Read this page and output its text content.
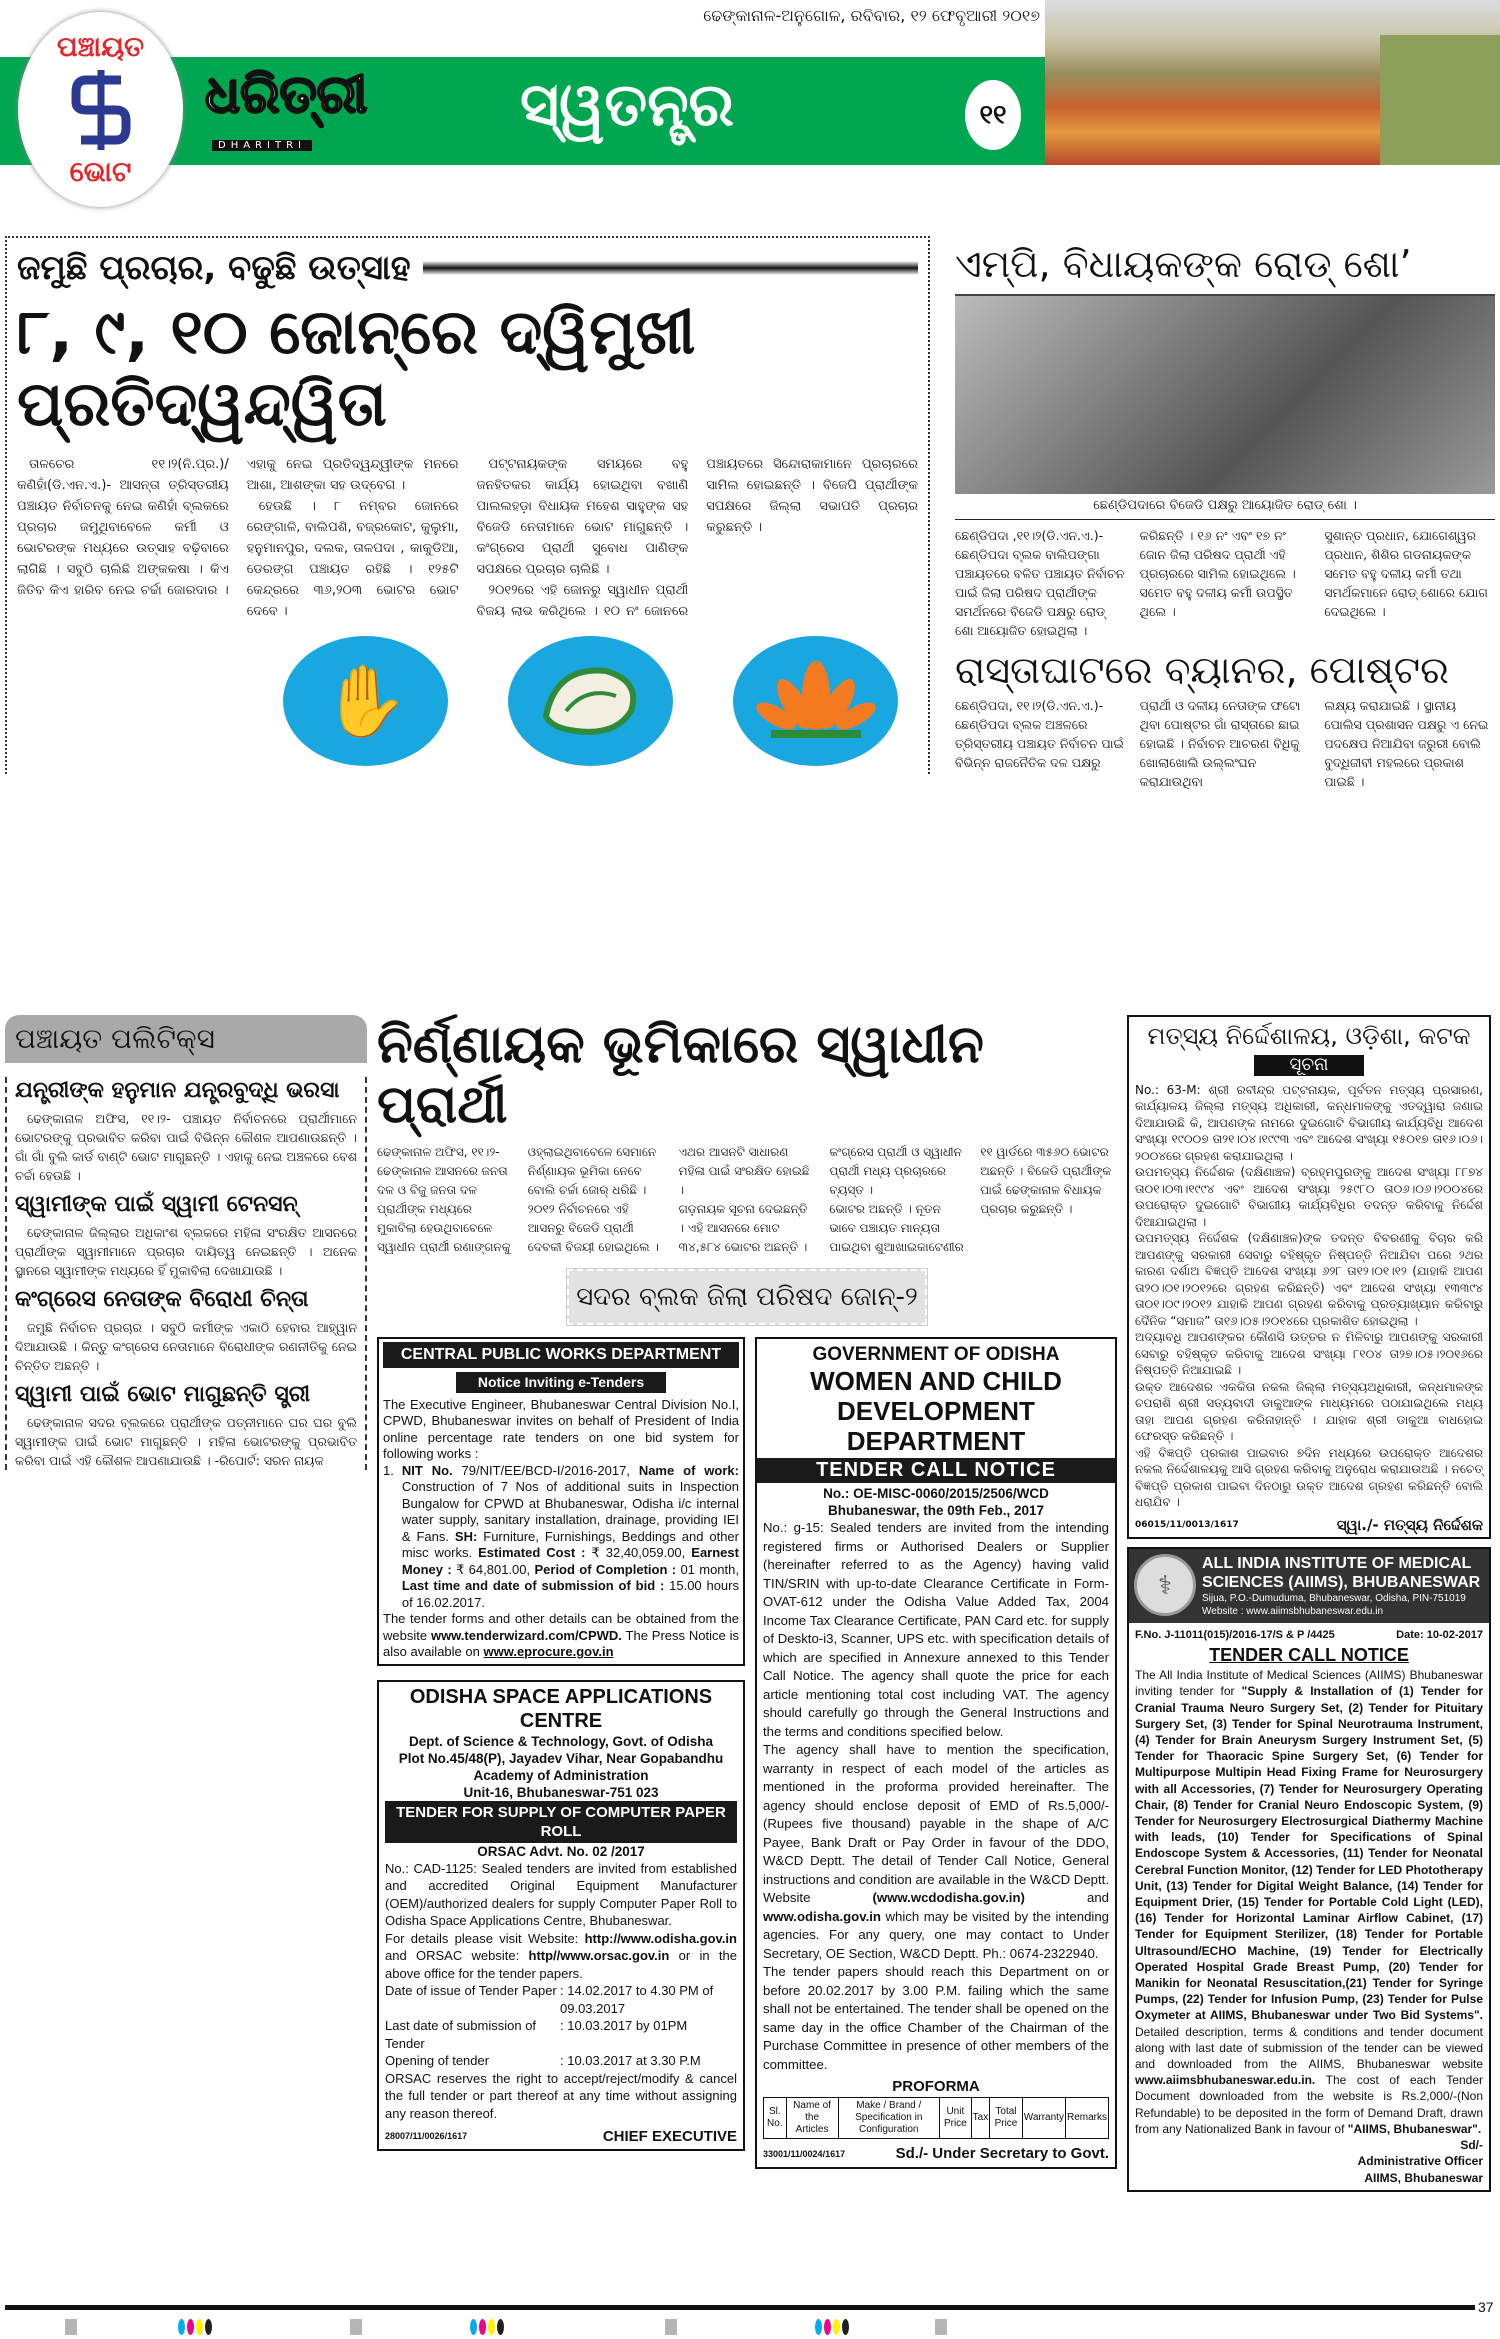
ପଞ୍ଚାୟତ
ଭୋଟ
ଢେଙ୍କାନାଳ-ଅନୁଗୋଳ, ରବିବାର, ୧୨ ଫେବୃଆରୀ ୨୦୧୭
ଧରିତ୍ରୀ
DHARITRI
ସ୍ୱତନ୍ତ୍ର	୧୧
ଜମୁଛି ପ୍ରଚାର, ବଢୁଛି ଉତ୍ସାହ
୮, ୯, ୧୦ ଜୋନ୍‌ରେ ଦ୍ୱିମୁଖୀ ପ୍ରତିଦ୍ୱନ୍ଦ୍ୱିତା

ତାଳଚେର ୧୧।୨(ନି.ପ୍ର.)/ କଣିହାଁ(ଡି.ଏନ.ଏ.)- ଆସନ୍ତା ତ୍ରିସ୍ତରୀୟ ପଞ୍ଚାୟତ ନିର୍ବାଚନକୁ ନେଇ କଣିହାଁ ବ୍ଲକରେ ପ୍ରଚାର ଜମୁଥିବାବେଳେ କର୍ମୀ ଓ ଭୋଟରଙ୍କ ମଧ୍ୟରେ ଉତ୍ସାହ ବଢ଼ିବାରେ ଲାଗିଛି । ସବୁଠି ଚାଲିଛି ଅଙ୍କକଷା । କିଏ ଜିତିବ କିଏ ହାରିବ ନେଇ ଚର୍ଚ୍ଚା ଜୋରଦାର । ଏହାକୁ ନେଇ ପ୍ରତିଦ୍ୱନ୍ଦ୍ୱୀଙ୍କ ମନରେ ଆଶା, ଆଶଙ୍କା ସହ ଉଦ୍‌ବେଗ ।

ହେଉଛି । ୮ ନମ୍ବର ଜୋନରେ ରେଙ୍ଗାଳି, ବାଲିପଶି, ବଜ୍ରକୋଟ, କୁଲୁମା, ହନୁମାନପୁର, ଦଲକ, ତାଳପଦା , କାକୁଡିଆ, ଡେରଙ୍ଗ ପଞ୍ଚାୟତ ରହିଛି । ୧୨୫ଟି କେନ୍ଦ୍ରରେ ୩୬,୨୦୩ ଭୋଟର ଭୋଟ ଦେବେ ।

ପଟ୍ଟନାୟକଙ୍କ ସମୟରେ ବହୁ ଜନହିତକର କାର୍ଯ୍ୟ ହୋଇଥିବା ବଖାଣି ପାଲଲହଡ଼ା ବିଧାୟକ ମହେଶ ସାହୁଙ୍କ ସହ ବିଜେଡି ନେତାମାନେ ଭୋଟ ମାଗୁଛନ୍ତି । କଂଗ୍ରେସ ପ୍ରାର୍ଥୀ ସୁବୋଧ ପାଣିଙ୍କ ସପକ୍ଷରେ ପ୍ରଚାର ଚାଲିଛି ।

୨୦୧୨ରେ ଏହି ଜୋନରୁ ସ୍ୱାଧୀନ ପ୍ରାର୍ଥୀ ବିଜୟ ଲାଭ କରିଥିଲେ । ୧୦ ନଂ ଜୋନରେ ପଞ୍ଚାୟତରେ ସିନ୍ଦୋରାକାମାନେ ପ୍ରଚାରରେ ସାମିଲ ହୋଇଛନ୍ତି । ବିଜେପି ପ୍ରାର୍ଥୀଙ୍କ ସପକ୍ଷରେ ଜିଲ୍ଲା ସଭାପତି ପ୍ରଚାର କରୁଛନ୍ତି ।

✋
ଏମ୍‌ପି, ବିଧାୟକଙ୍କ ରୋଡ୍ ଶୋ’
ଛେଣ୍ଡିପଦାରେ ବିଜେଡି ପକ୍ଷରୁ ଆୟୋଜିତ ରୋଡ୍ ଶୋ ।

ଛେଣ୍ଡିପଦା ,୧୧।୨(ଡି.ଏନ.ଏ.)- ଛେଣ୍ଡିପଦା ବ୍ଲକ ବାଲିପଙ୍ଗା ପଞ୍ଚାୟତରେ ବଳିତ ପଞ୍ଚାୟତ ନିର୍ବାଚନ ପାଇଁ ଜିଲା ପରିଷଦ ପ୍ରାର୍ଥୀଙ୍କ ସମର୍ଥନରେ ବିଜେଡି ପକ୍ଷରୁ ରୋଡ୍ ଶୋ ଆୟୋଜିତ ହୋଇଥିଲା ।

କରିଛନ୍ତି । ୧୬ ନଂ ଏବଂ ୧୭ ନଂ ଜୋନ ଜିଲା ପରିଷଦ ପ୍ରାର୍ଥୀ ଏହି ପ୍ରଚାରରେ ସାମିଲ ହୋଇଥିଲେ । ସମେତ ବହୁ ଦଳୀୟ କର୍ମୀ ଉପସ୍ଥିତ ଥିଲେ ।

ସୁଶାନ୍ତ ପ୍ରଧାନ, ଯୋଗେଶ୍ୱର ପ୍ରଧାନ, ଶିଶିର ଗଡନାୟକଙ୍କ ସମେତ ବହୁ ଦଳୀୟ କର୍ମୀ ତଥା ସମର୍ଥକମାନେ ରୋଡ୍ ଶୋରେ ଯୋଗ ଦେଇଥିଲେ ।

ରାସ୍ତାଘାଟରେ ବ୍ୟାନର, ପୋଷ୍ଟର

ଛେଣ୍ଡିପଦା, ୧୧।୨(ଡି.ଏନ.ଏ.)- ଛେଣ୍ଡିପଦା ବ୍ଲକ ଅଞ୍ଚଳରେ ତ୍ରିସ୍ତରୀୟ ପଞ୍ଚାୟତ ନିର୍ବାଚନ ପାଇଁ ବିଭିନ୍ନ ରାଜନୈତିକ ଦଳ ପକ୍ଷରୁ

ପ୍ରାର୍ଥୀ ଓ ଦଳୀୟ ନେତାଙ୍କ ଫଟୋ ଥିବା ପୋଷ୍ଟର ଗାଁ ରାସ୍ତାରେ ଛାଇ ହୋଇଛି । ନିର୍ବାଚନ ଆଚରଣ ବିଧିକୁ ଖୋଲାଖୋଲି ଉଲ୍ଲଂଘନ କରାଯାଉଥିବା

ଲକ୍ଷ୍ୟ କରାଯାଇଛି । ସ୍ଥାନୀୟ ପୋଲିସ ପ୍ରଶାସନ ପକ୍ଷରୁ ଏ ନେଇ ପଦକ୍ଷେପ ନିଆଯିବା ଜରୁରୀ ବୋଲି ବୁଦ୍ଧିଜୀବୀ ମହଲରେ ପ୍ରକାଶ ପାଇଛି ।

ପଞ୍ଚାୟତ ପଲିଟିକ୍ସ
ଯନ୍ତ୍ରୀଙ୍କ ହନୁମାନ ଯନ୍ତ୍ରବୁଦ୍ଧି ଭରସା

ଢେଙ୍କାନାଳ ଅଫିସ, ୧୧।୨- ପଞ୍ଚାୟତ ନିର୍ବାଚନରେ ପ୍ରାର୍ଥୀମାନେ ଭୋଟରଙ୍କୁ ପ୍ରଭାବିତ କରିବା ପାଇଁ ବିଭିନ୍ନ କୌଶଳ ଆପଣାଉଛନ୍ତି । ଗାଁ ଗାଁ ବୁଲି କାର୍ଡ ବାଣ୍ଟି ଭୋଟ ମାଗୁଛନ୍ତି । ଏହାକୁ ନେଇ ଅଞ୍ଚଳରେ ବେଶ ଚର୍ଚ୍ଚା ହେଉଛି ।

ସ୍ୱାମୀଙ୍କ ପାଇଁ ସ୍ୱାମୀ ଟେନସନ୍

ଢେଙ୍କାନାଳ ଜିଲ୍ଲାର ଅଧିକାଂଶ ବ୍ଲକରେ ମହିଳା ସଂରକ୍ଷିତ ଆସନରେ ପ୍ରାର୍ଥୀଙ୍କ ସ୍ୱାମୀମାନେ ପ୍ରଚାର ଦାୟିତ୍ୱ ନେଇଛନ୍ତି । ଅନେକ ସ୍ଥାନରେ ସ୍ୱାମୀଙ୍କ ମଧ୍ୟରେ ହିଁ ମୁକାବିଲା ଦେଖାଯାଉଛି ।

କଂଗ୍ରେସ ନେତାଙ୍କ ବିରୋଧୀ ଚିନ୍ତା

ଜମୁଛି ନିର୍ବାଚନ ପ୍ରଚାର । ସବୁଠି କର୍ମୀଙ୍କ ଏକାଠି ହେବାର ଆହ୍ୱାନ ଦିଆଯାଉଛି । କିନ୍ତୁ କଂଗ୍ରେସ ନେତାମାନେ ବିରୋଧୀଙ୍କ ରଣନୀତିକୁ ନେଇ ଚିନ୍ତିତ ଅଛନ୍ତି ।

ସ୍ୱାମୀ ପାଇଁ ଭୋଟ ମାଗୁଛନ୍ତି ସ୍ତ୍ରୀ

ଢେଙ୍କାନାଳ ସଦର ବ୍ଲକରେ ପ୍ରାର୍ଥୀଙ୍କ ପତ୍ନୀମାନେ ଘର ଘର ବୁଲି ସ୍ୱାମୀଙ୍କ ପାଇଁ ଭୋଟ ମାଗୁଛନ୍ତି । ମହିଳା ଭୋଟରଙ୍କୁ ପ୍ରଭାବିତ କରିବା ପାଇଁ ଏହି କୌଶଳ ଆପଣାଯାଉଛି । -ରିପୋର୍ଟ: ସରନ ନାୟକ

ନିର୍ଣ୍ଣାୟକ ଭୂମିକାରେ ସ୍ୱାଧୀନ ପ୍ରାର୍ଥୀ

ଢେଙ୍କାନାଳ ଅଫିସ, ୧୧।୨- ଢେଙ୍କାନାଳ ଆସନରେ ଜନତା ଦଳ ଓ ବିଜୁ ଜନତା ଦଳ ପ୍ରାର୍ଥୀଙ୍କ ମଧ୍ୟରେ ମୁକାବିଲା ହେଉଥିବାବେଳେ ସ୍ୱାଧୀନ ପ୍ରାର୍ଥୀ ରଣାଙ୍ଗନକୁ ଓହ୍ଲାଇଥିବାବେଳେ ସେମାନେ ନିର୍ଣ୍ଣାୟକ ଭୂମିକା ନେବେ ବୋଲି ଚର୍ଚ୍ଚା ଜୋର୍ ଧରିଛି ।

୨୦୧୨ ନିର୍ବାଚନରେ ଏହି ଆସନରୁ ବିଜେଡି ପ୍ରାର୍ଥୀ ଦେବକୀ ବିଜୟୀ ହୋଇଥିଲେ । ଏଥର ଆସନଟି ସାଧାରଣ ମହିଳା ପାଇଁ ସଂରକ୍ଷିତ ହୋଇଛି ।

ଗଡ଼ନାୟକ ସୂଚନା ଦେଇଛନ୍ତି । ଏହି ଆସନରେ ମୋଟ ୩୪,୫୮୪ ଭୋଟର ଅଛନ୍ତି । କଂଗ୍ରେସ ପ୍ରାର୍ଥୀ ଓ ସ୍ୱାଧୀନ ପ୍ରାର୍ଥୀ ମଧ୍ୟ ପ୍ରଚାରରେ ବ୍ୟସ୍ତ ।

ଭୋଟର ଅଛନ୍ତି । ନୂତନ ଭାବେ ପଞ୍ଚାୟତ ମାନ୍ୟତା ପାଇଥିବା ଶୁଆଖାଇକାଟେଣୀର ୧୧ ୱାର୍ଡରେ ୩୫୬୦ ଭୋଟର ଅଛନ୍ତି । ବିଜେଡି ପ୍ରାର୍ଥୀଙ୍କ ପାଇଁ ଢେଙ୍କାନାଳ ବିଧାୟକ ପ୍ରଚାର କରୁଛନ୍ତି ।

ସଦର ବ୍ଲକ ଜିଲା ପରିଷଦ ଜୋନ୍-୨
CENTRAL PUBLIC WORKS DEPARTMENT
Notice Inviting e-Tenders

The Executive Engineer, Bhubaneswar Central Division No.I, CPWD, Bhubaneswar invites on behalf of President of India online percentage rate tenders on one bid system for following works :

1. NIT No. 79/NIT/EE/BCD-I/2016-2017, Name of work: Construction of 7 Nos of additional suits in Inspection Bungalow for CPWD at Bhubaneswar, Odisha i/c internal water supply, sanitary installation, drainage, providing IEI & Fans. SH: Furniture, Furnishings, Beddings and other misc works. Estimated Cost : ₹ 32,40,059.00, Earnest Money : ₹ 64,801.00, Period of Completion : 01 month, Last time and date of submission of bid : 15.00 hours of 16.02.2017.

The tender forms and other details can be obtained from the website www.tenderwizard.com/CPWD. The Press Notice is also available on www.eprocure.gov.in

ODISHA SPACE APPLICATIONS CENTRE
Dept. of Science & Technology, Govt. of Odisha
Plot No.45/48(P), Jayadev Vihar, Near Gopabandhu
Academy of Administration
Unit-16, Bhubaneswar-751 023
TENDER FOR SUPPLY OF COMPUTER PAPER ROLL
ORSAC Advt. No. 02 /2017

No.: CAD-1125: Sealed tenders are invited from established and accredited Original Equipment Manufacturer (OEM)/authorized dealers for supply Computer Paper Roll to Odisha Space Applications Centre, Bhubaneswar.

For details please visit Website: http://www.odisha.gov.in and ORSAC website: http//www.orsac.gov.in or in the above office for the tender papers.

Date of issue of Tender Paper : 14.02.2017 to 4.30 PM of 09.03.2017
Last date of submission of Tender
: 10.03.2017 by 01PM
Opening of tender	: 10.03.2017 at 3.30 P.M

ORSAC reserves the right to accept/reject/modify & cancel the full tender or part thereof at any time without assigning any reason thereof.

28007/11/0026/1617	CHIEF EXECUTIVE
GOVERNMENT OF ODISHA
WOMEN AND CHILD
DEVELOPMENT DEPARTMENT
TENDER CALL NOTICE
No.: OE-MISC-0060/2015/2506/WCD
Bhubaneswar, the 09th Feb., 2017

No.: g-15: Sealed tenders are invited from the intending registered firms or Authorised Dealers or Supplier (hereinafter referred to as the Agency) having valid TIN/SRIN with up-to-date Clearance Certificate in Form-OVAT-612 under the Odisha Value Added Tax, 2004 Income Tax Clearance Certificate, PAN Card etc. for supply of Deskto-i3, Scanner, UPS etc. with specification details of which are specified in Annexure annexed to this Tender Call Notice. The agency shall quote the price for each article mentioning total cost including VAT. The agency should carefully go through the General Instructions and the terms and conditions specified below.

The agency shall have to mention the specification, warranty in respect of each model of the articles as mentioned in the proforma provided hereinafter. The agency should enclose deposit of EMD of Rs.5,000/- (Rupees five thousand) payable in the shape of A/C Payee, Bank Draft or Pay Order in favour of the DDO, W&CD Deptt. The detail of Tender Call Notice, General instructions and condition are available in the W&CD Deptt. Website	(www.wcdodisha.gov.in)	and www.odisha.gov.in which may be visited by the intending agencies. For any query, one may contact to Under Secretary, OE Section, W&CD Deptt. Ph.: 0674-2322940.

The tender papers should reach this Department on or before 20.02.2017 by 3.00 P.M. failing which the same shall not be entertained. The tender shall be opened on the same day in the office Chamber of the Chairman of the Purchase Committee in presence of other members of the committee.

PROFORMA
Sl. No.	Name of the Articles	Make / Brand / Specification in Configuration	Unit Price	Tax	Total Price	Warranty	Remarks
33001/11/0024/1617	Sd./- Under Secretary to Govt.
ମତ୍ସ୍ୟ ନିର୍ଦ୍ଦେଶାଳୟ, ଓଡ଼ିଶା, କଟକ
ସୂଚନା

No.: 63-M: ଶ୍ରୀ ରବୀନ୍ଦ୍ର ପଟ୍ଟନାୟକ, ପୂର୍ବତନ ମତ୍ସ୍ୟ ପ୍ରସାରଣ, କାର୍ଯ୍ୟାଳୟ ଜିଲ୍ଲା ମତ୍ସ୍ୟ ଅଧିକାରୀ, କନ୍ଧମାଳଙ୍କୁ ଏତଦ୍ୱାରା ଜଣାଇ ଦିଆଯାଉଛି କି, ଆପଣଙ୍କ ନାମରେ ଦୁଇଗୋଟି ବିଭାଗୀୟ କାର୍ଯ୍ୟବିଧି ଆଦେଶ ସଂଖ୍ୟା ୧୯୦୦୭ ତା୨୧।୦୪।୧୯୯୩ ଏବଂ ଆଦେଶ ସଂଖ୍ୟା ୧୫୦୧୭ ତା୧୬।୦୬।୨୦୦୪ରେ ଗ୍ରହଣ କରାଯାଇଥିଲା ।

ଉପମତ୍ସ୍ୟ ନିର୍ଦ୍ଦେଶକ (ଦକ୍ଷିଣାଞ୍ଚଳ) ବ୍ରହ୍ମପୁରଙ୍କୁ ଆଦେଶ ସଂଖ୍ୟା ୮୮୭୪ ତା୦୧।୦୩।୧୯୯୪ ଏବଂ ଆଦେଶ ସଂଖ୍ୟା ୨୫୯୮୦ ତା୦୬।୦୬।୨୦୦୪ରେ ଉପରୋକ୍ତ ଦୁଇଗୋଟି ବିଭାଗୀୟ କାର୍ଯ୍ୟବିଧିର ତଦନ୍ତ କରିବାକୁ ନିର୍ଦ୍ଦେଶ ଦିଆଯାଇଥିଲା ।

ଉପମତ୍ସ୍ୟ ନିର୍ଦ୍ଦେଶକ (ଦକ୍ଷିଣାଞ୍ଚଳ)ଙ୍କ ତଦନ୍ତ ବିବରଣୀକୁ ବିଚାର କରି ଆପଣଙ୍କୁ ସରକାରୀ ସେବାରୁ ବହିଷ୍କୃତ ନିଷ୍ପତ୍ତି ନିଆଯିବା ପରେ ୨ଥର କାରଣ ଦର୍ଶାଅ ବିଜ୍ଞପ୍ତି ଆଦେଶ ସଂଖ୍ୟା ୬୨୮ ତା୧୨।୦୧।୧୨ (ଯାହାକି ଆପଣ ତା୨୦।୦୧।୨୦୧୨ରେ ଗ୍ରହଣ କରିଛନ୍ତି) ଏବଂ ଆଦେଶ ସଂଖ୍ୟା ୧୩୩୯୪ ତା୦୧।୦୯।୨୦୧୨ ଯାହାକି ଆପଣ ଗ୍ରହଣ କରିବାକୁ ପ୍ରତ୍ୟାଖ୍ୟାନ କରିବାରୁ ଦୈନିକ “ସମାଜ” ତା୧୬।୦୫।୨୦୧୪ରେ ପ୍ରକାଶିତ ହୋଇଥିଲା ।

ଅଦ୍ୟାବଧି ଆପଣଙ୍କର କୌଣସି ଉତ୍ତର ନ ମିଳିବାରୁ ଆପଣଙ୍କୁ ସରକାରୀ ସେବାରୁ ବହିଷ୍କୃତ କରିବାକୁ ଆଦେଶ ସଂଖ୍ୟା ୮୧୦୪ ତା୨୭।୦୫।୨୦୧୬ରେ ନିଷ୍ପତ୍ତି ନିଆଯାଇଛି ।

ଉକ୍ତ ଆଦେଶର ଏକକିତା ନକଲ ଜିଲ୍ଲା ମତ୍ସ୍ୟଅଧିକାରୀ, କନ୍ଧମାଳଙ୍କ ଚପରାଶି ଶ୍ରୀ ସତ୍ୟବାଦୀ ଡାକୁଆଙ୍କ ମାଧ୍ୟମରେ ପଠାଯାଇଥିଲେ ମଧ୍ୟ ତାହା ଆପଣ ଗ୍ରହଣ କରିନାହାନ୍ତି । ଯାହାକ ଶ୍ରୀ ଡାକୁଆ ବାଧହୋଇ ଫେରସ୍ତ କରିଛନ୍ତି ।

ଏହି ବିଜ୍ଞପ୍ତି ପ୍ରକାଶ ପାଇବାର ୭ଦିନ ମଧ୍ୟରେ ଉପରୋକ୍ତ ଆଦେଶର ନକଲ ନିର୍ଦ୍ଦେଶାଳୟକୁ ଆସି ଗ୍ରହଣ କରିବାକୁ ଅନୁରୋଧ କରାଯାଉଅଛି । ନଚେତ୍ ବିଜ୍ଞପ୍ତି ପ୍ରକାଶ ପାଇବା ଦିନଠାରୁ ଉକ୍ତ ଆଦେଶ ଗ୍ରହଣ କରିଛନ୍ତି ବୋଲି ଧରାଯିବ ।

06015/11/0013/1617	ସ୍ୱା./- ମତ୍ସ୍ୟ ନିର୍ଦ୍ଦେଶକ
⚕
ALL INDIA INSTITUTE OF MEDICAL SCIENCES (AIIMS), BHUBANESWAR
Sijua, P.O.-Dumuduma, Bhubaneswar, Odisha, PIN-751019
Website : www.aiimsbhubaneswar.edu.in
F.No. J-11011(015)/2016-17/S & P /4425	Date: 10-02-2017
TENDER CALL NOTICE

The All India Institute of Medical Sciences (AIIMS) Bhubaneswar inviting tender for "Supply & Installation of (1) Tender for Cranial Trauma Neuro Surgery Set, (2) Tender for Pituitary Surgery Set, (3) Tender for Spinal Neurotrauma Instrument, (4) Tender for Brain Aneurysm Surgery Instrument Set, (5) Tender for Thaoracic Spine Surgery Set, (6) Tender for Multipurpose Multipin Head Fixing Frame for Neurosurgery with all Accessories, (7) Tender for Neurosurgery Operating Chair, (8) Tender for Cranial Neuro Endoscopic System, (9) Tender for Neurosurgery Electrosurgical Diathermy Machine with leads, (10) Tender for Specifications of Spinal Endoscope System & Accessories, (11) Tender for Neonatal Cerebral Function Monitor, (12) Tender for LED Phototherapy Unit, (13) Tender for Digital Weight Balance, (14) Tender for Equipment Drier, (15) Tender for Portable Cold Light (LED), (16) Tender for Horizontal Laminar Airflow Cabinet, (17) Tender for Equipment Sterilizer, (18) Tender for Portable Ultrasound/ECHO Machine, (19) Tender for Electrically Operated Hospital Grade Breast Pump, (20) Tender for Manikin for Neonatal Resuscitation,(21) Tender for Syringe Pumps, (22) Tender for Infusion Pump, (23) Tender for Pulse Oxymeter at AIIMS, Bhubaneswar under Two Bid Systems". Detailed description, terms & conditions and tender document along with last date of submission of the tender can be viewed and downloaded from the AIIMS, Bhubaneswar website www.aiimsbhubaneswar.edu.in. The cost of each Tender Document downloaded from the website is Rs.2,000/-(Non Refundable) to be deposited in the form of Demand Draft, drawn from any Nationalized Bank in favour of "AIIMS, Bhubaneswar".

Sd/-
Administrative Officer
AIIMS, Bhubaneswar
37
